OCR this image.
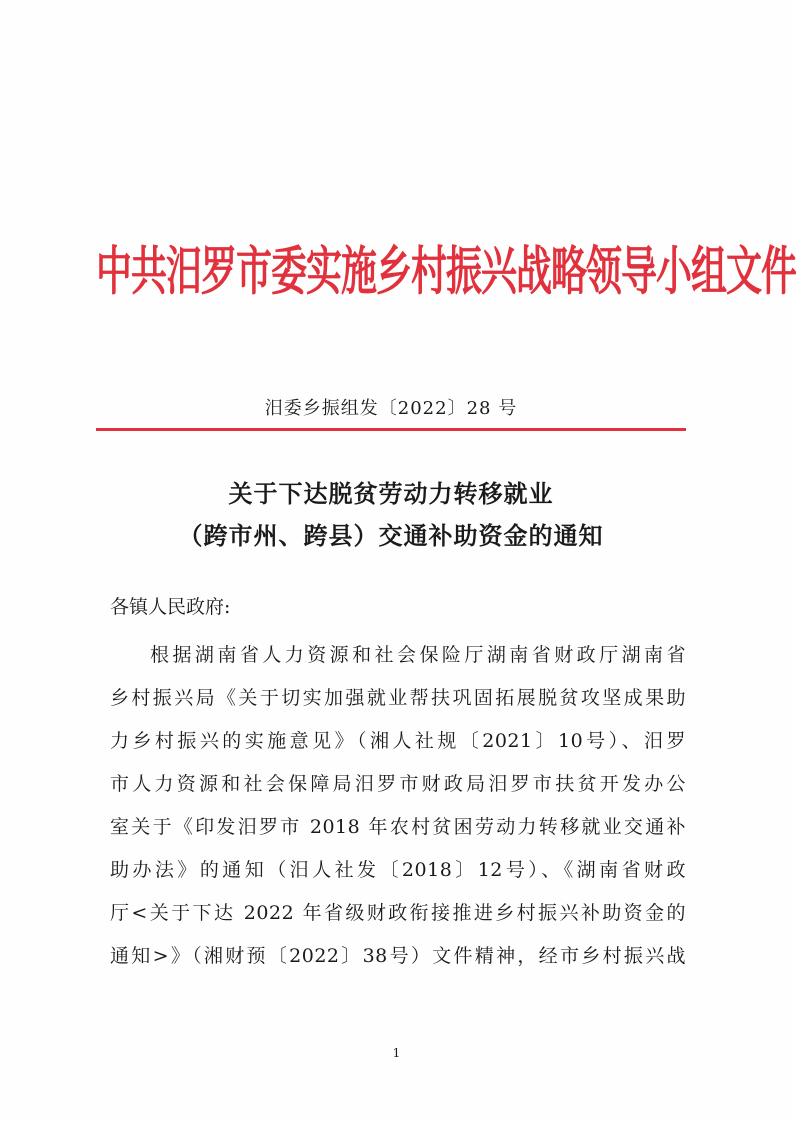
中共汨罗市委实施乡村振兴战略领导小组文件
汨委乡振组发〔2022〕28 号
关于下达脱贫劳动力转移就业
（跨市州、跨县）交通补助资金的通知
各镇人民政府:
根据湖南省人力资源和社会保险厅湖南省财政厅湖南省
乡村振兴局《关于切实加强就业帮扶巩固拓展脱贫攻坚成果助
力乡村振兴的实施意见》（湘人社规〔2021〕10号）、汨罗
市人力资源和社会保障局汨罗市财政局汨罗市扶贫开发办公
室关于《印发汨罗市 2018 年农村贫困劳动力转移就业交通补
助办法》的通知（汨人社发〔2018〕12号）、《湖南省财政
厅<关于下达 2022 年省级财政衔接推进乡村振兴补助资金的
通知>》（湘财预〔2022〕38号）文件精神，经市乡村振兴战
1
